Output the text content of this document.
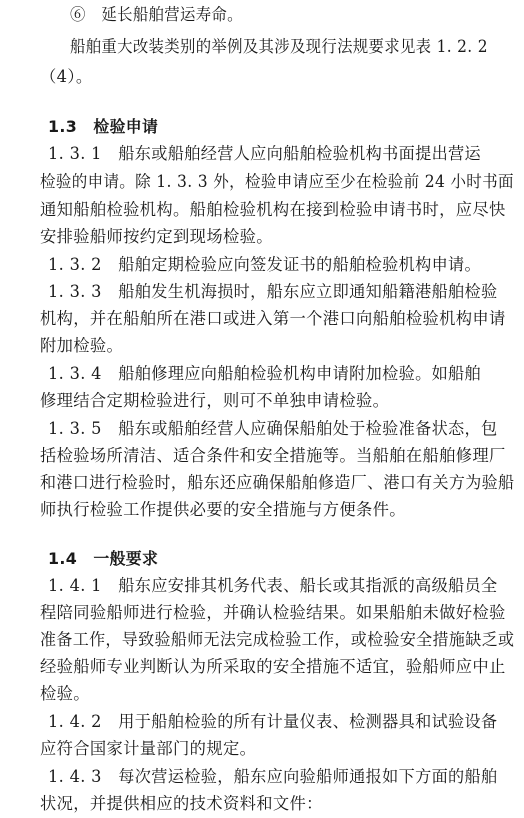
⑥　延长船舶营运寿命。
船舶重大改装类别的举例及其涉及现行法规要求见表 1. 2. 2
（4）。
1.3　检验申请
1. 3. 1　船东或船舶经营人应向船舶检验机构书面提出营运
检验的申请。除 1. 3. 3 外，检验申请应至少在检验前 24 小时书面
通知船舶检验机构。船舶检验机构在接到检验申请书时，应尽快
安排验船师按约定到现场检验。
1. 3. 2　船舶定期检验应向签发证书的船舶检验机构申请。
1. 3. 3　船舶发生机海损时，船东应立即通知船籍港船舶检验
机构，并在船舶所在港口或进入第一个港口向船舶检验机构申请
附加检验。
1. 3. 4　船舶修理应向船舶检验机构申请附加检验。如船舶
修理结合定期检验进行，则可不单独申请检验。
1. 3. 5　船东或船舶经营人应确保船舶处于检验准备状态，包
括检验场所清洁、适合条件和安全措施等。当船舶在船舶修理厂
和港口进行检验时，船东还应确保船舶修造厂、港口有关方为验船
师执行检验工作提供必要的安全措施与方便条件。
1.4　一般要求
1. 4. 1　船东应安排其机务代表、船长或其指派的高级船员全
程陪同验船师进行检验，并确认检验结果。如果船舶未做好检验
准备工作，导致验船师无法完成检验工作，或检验安全措施缺乏或
经验船师专业判断认为所采取的安全措施不适宜，验船师应中止
检验。
1. 4. 2　用于船舶检验的所有计量仪表、检测器具和试验设备
应符合国家计量部门的规定。
1. 4. 3　每次营运检验，船东应向验船师通报如下方面的船舶
状况，并提供相应的技术资料和文件：
